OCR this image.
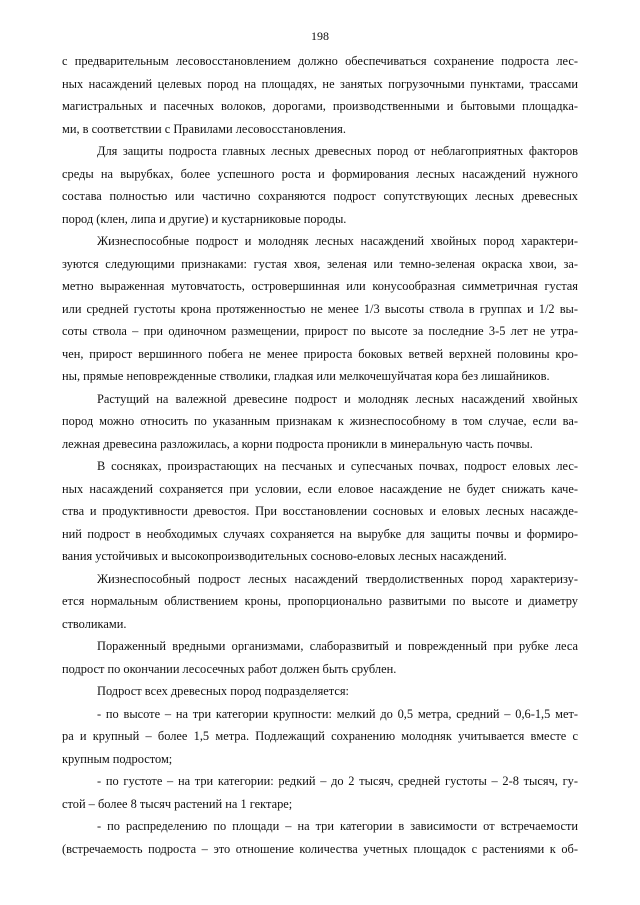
198
с предварительным лесовосстановлением должно обеспечиваться сохранение подроста лес-
ных насаждений целевых пород на площадях, не занятых погрузочными пунктами, трассами
магистральных и пасечных волоков, дорогами, производственными и бытовыми площадка-
ми, в соответствии с Правилами лесовосстановления.
Для защиты подроста главных лесных древесных пород от неблагоприятных факторов
среды на вырубках, более успешного роста и формирования лесных насаждений нужного
состава полностью или частично сохраняются подрост сопутствующих лесных древесных
пород (клен, липа и другие) и кустарниковые породы.
Жизнеспособные подрост и молодняк лесных насаждений хвойных пород характери-
зуются следующими признаками: густая хвоя, зеленая или темно-зеленая окраска хвои, за-
метно выраженная мутовчатость, островершинная или конусообразная симметричная густая
или средней густоты крона протяженностью не менее 1/3 высоты ствола в группах и 1/2 вы-
соты ствола – при одиночном размещении, прирост по высоте за последние 3-5 лет не утра-
чен, прирост вершинного побега не менее прироста боковых ветвей верхней половины кро-
ны, прямые неповрежденные стволики, гладкая или мелкочешуйчатая кора без лишайников.
Растущий на валежной древесине подрост и молодняк лесных насаждений хвойных
пород можно относить по указанным признакам к жизнеспособному в том случае, если ва-
лежная древесина разложилась, а корни подроста проникли в минеральную часть почвы.
В сосняках, произрастающих на песчаных и супесчаных почвах, подрост еловых лес-
ных насаждений сохраняется при условии, если еловое насаждение не будет снижать каче-
ства и продуктивности древостоя. При восстановлении сосновых и еловых лесных насажде-
ний подрост в необходимых случаях сохраняется на вырубке для защиты почвы и формиро-
вания устойчивых и высокопроизводительных сосново-еловых лесных насаждений.
Жизнеспособный подрост лесных насаждений твердолиственных пород характеризу-
ется нормальным облиствением кроны, пропорционально развитыми по высоте и диаметру
стволиками.
Пораженный вредными организмами, слаборазвитый и поврежденный при рубке леса
подрост по окончании лесосечных работ должен быть срублен.
Подрост всех древесных пород подразделяется:
- по высоте – на три категории крупности: мелкий до 0,5 метра, средний – 0,6-1,5 мет-
ра и крупный – более 1,5 метра. Подлежащий сохранению молодняк учитывается вместе с
крупным подростом;
- по густоте – на три категории: редкий – до 2 тысяч, средней густоты – 2-8 тысяч, гу-
стой – более 8 тысяч растений на 1 гектаре;
- по распределению по площади – на три категории в зависимости от встречаемости
(встречаемость подроста – это отношение количества учетных площадок с растениями к об-
